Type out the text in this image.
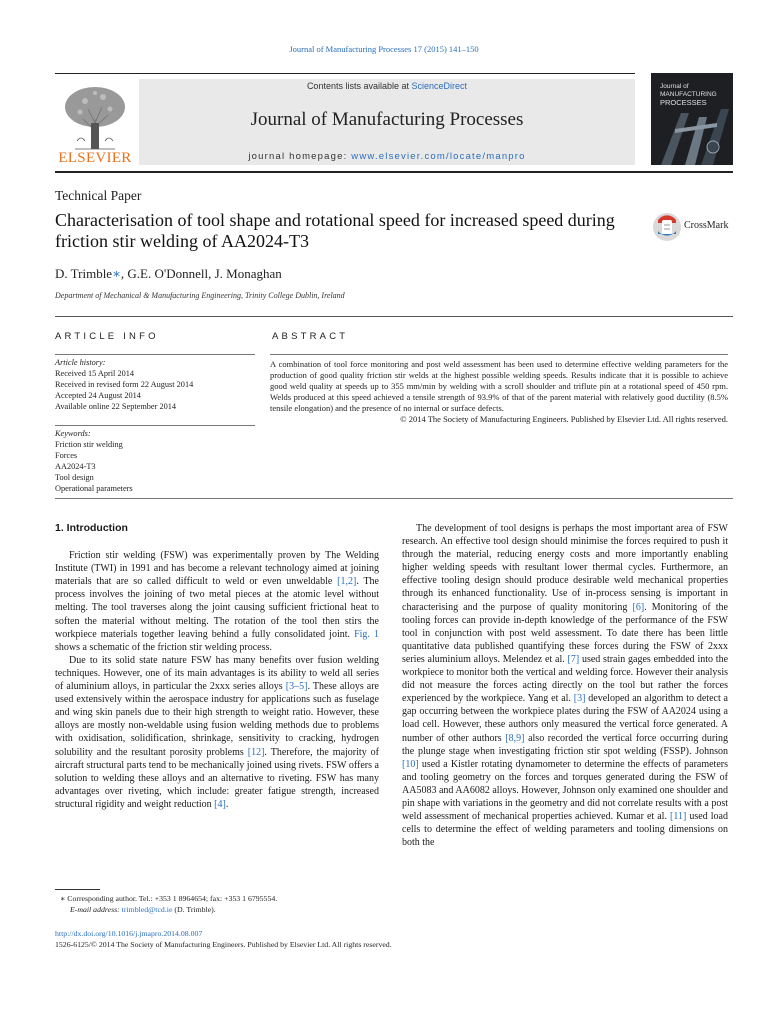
Journal of Manufacturing Processes 17 (2015) 141–150
ELSEVIER
Contents lists available at ScienceDirect
Journal of Manufacturing Processes
journal homepage: www.elsevier.com/locate/manpro
Journal of
MANUFACTURING
PROCESSES
Technical Paper
Characterisation of tool shape and rotational speed for increased speed during friction stir welding of AA2024-T3
CrossMark
D. Trimble∗, G.E. O'Donnell, J. Monaghan
Department of Mechanical & Manufacturing Engineering, Trinity College Dublin, Ireland
ARTICLE INFO	ABSTRACT
Article history:
Received 15 April 2014
Received in revised form 22 August 2014
Accepted 24 August 2014
Available online 22 September 2014
Keywords:
Friction stir welding
Forces
AA2024-T3
Tool design
Operational parameters
A combination of tool force monitoring and post weld assessment has been used to determine effective welding parameters for the production of good quality friction stir welds at the highest possible welding speeds. Results indicate that it is possible to achieve good weld quality at speeds up to 355 mm/min by welding with a scroll shoulder and triflute pin at a rotational speed of 450 rpm. Welds produced at this speed achieved a tensile strength of 93.9% of that of the parent material with relatively good ductility (8.5% tensile elongation) and the presence of no internal or surface defects.
© 2014 The Society of Manufacturing Engineers. Published by Elsevier Ltd. All rights reserved.
1. Introduction

Friction stir welding (FSW) was experimentally proven by The Welding Institute (TWI) in 1991 and has become a relevant technology aimed at joining materials that are so called difficult to weld or even unweldable [1,2]. The process involves the joining of two metal pieces at the atomic level without melting. The tool traverses along the joint causing sufficient frictional heat to soften the material without melting. The rotation of the tool then stirs the workpiece materials together leaving behind a fully consolidated joint. Fig. 1 shows a schematic of the friction stir welding process.

Due to its solid state nature FSW has many benefits over fusion welding techniques. However, one of its main advantages is its ability to weld all series of aluminium alloys, in particular the 2xxx series alloys [3–5]. These alloys are used extensively within the aerospace industry for applications such as fuselage and wing skin panels due to their high strength to weight ratio. However, these alloys are mostly non-weldable using fusion welding methods due to problems with oxidisation, solidification, shrinkage, sensitivity to cracking, hydrogen solubility and the resultant porosity problems [12]. Therefore, the majority of aircraft structural parts tend to be mechanically joined using rivets. FSW offers a solution to welding these alloys and an alternative to riveting. FSW has many advantages over riveting, which include: greater fatigue strength, increased structural rigidity and weight reduction [4].

The development of tool designs is perhaps the most important area of FSW research. An effective tool design should minimise the forces required to push it through the material, reducing energy costs and more importantly enabling higher welding speeds with resultant lower thermal cycles. Furthermore, an effective tooling design should produce desirable weld mechanical properties through its enhanced functionality. Use of in-process sensing is important in characterising and the purpose of quality monitoring [6]. Monitoring of the tooling forces can provide in-depth knowledge of the performance of the FSW tool in conjunction with post weld assessment. To date there has been little quantitative data published quantifying these forces during the FSW of 2xxx series aluminium alloys. Melendez et al. [7] used strain gages embedded into the workpiece to monitor both the vertical and welding force. However their analysis did not measure the forces acting directly on the tool but rather the forces experienced by the workpiece. Yang et al. [3] developed an algorithm to detect a gap occurring between the workpiece plates during the FSW of AA2024 using a load cell. However, these authors only measured the vertical force generated. A number of other authors [8,9] also recorded the vertical force occurring during the plunge stage when investigating friction stir spot welding (FSSP). Johnson [10] used a Kistler rotating dynamometer to determine the effects of parameters and tooling geometry on the forces and torques generated during the FSW of AA5083 and AA6082 alloys. However, Johnson only examined one shoulder and pin shape with variations in the geometry and did not correlate results with a post weld assessment of mechanical properties achieved. Kumar et al. [11] used load cells to determine the effect of welding parameters and tooling dimensions on both the

∗ Corresponding author. Tel.: +353 1 8964654; fax: +353 1 6795554.
E-mail address: trimbled@tcd.ie (D. Trimble).
http://dx.doi.org/10.1016/j.jmapro.2014.08.007
1526-6125/© 2014 The Society of Manufacturing Engineers. Published by Elsevier Ltd. All rights reserved.
